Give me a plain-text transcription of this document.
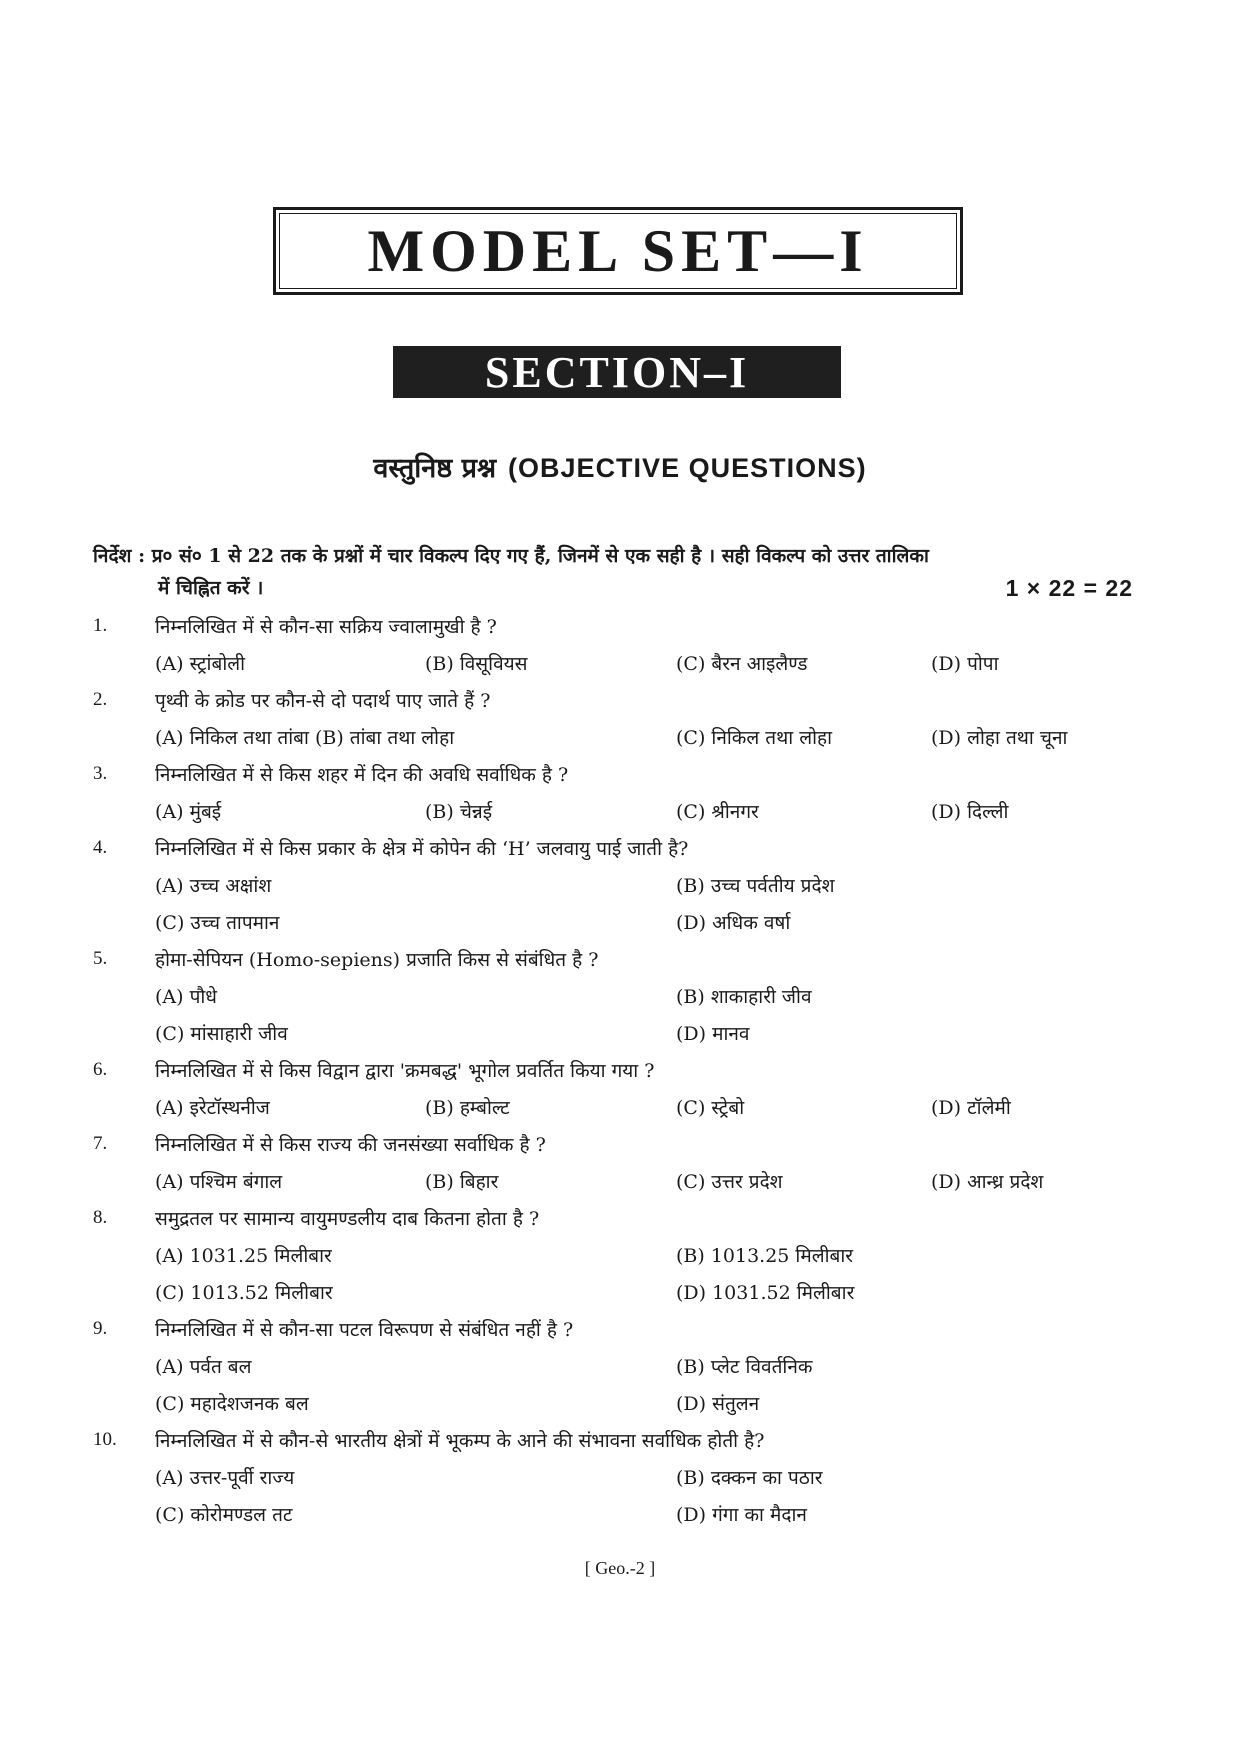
MODEL SET—I
SECTION–I
वस्तुनिष्ठ प्रश्न (OBJECTIVE QUESTIONS)
निर्देश : प्र० सं० 1 से 22 तक के प्रश्नों में चार विकल्प दिए गए हैं, जिनमें से एक सही है । सही विकल्प को उत्तर तालिका
में चिह्नित करें ।	1 × 22 = 22
1.	निम्नलिखित में से कौन-सा सक्रिय ज्वालामुखी है ?
(A) स्ट्रांबोली	(B) विसूवियस	(C) बैरन आइलैण्ड	(D) पोपा
2.	पृथ्वी के क्रोड पर कौन-से दो पदार्थ पाए जाते हैं ?
(A) निकिल तथा तांबा (B) तांबा तथा लोहा	(C) निकिल तथा लोहा	(D) लोहा तथा चूना
3.	निम्नलिखित में से किस शहर में दिन की अवधि सर्वाधिक है ?
(A) मुंबई	(B) चेन्नई	(C) श्रीनगर	(D) दिल्ली
4.	निम्नलिखित में से किस प्रकार के क्षेत्र में कोपेन की ‘H’ जलवायु पाई जाती है?
(A) उच्च अक्षांश	(B) उच्च पर्वतीय प्रदेश
(C) उच्च तापमान	(D) अधिक वर्षा
5.	होमा-सेपियन (Homo-sepiens) प्रजाति किस से संबंधित है ?
(A) पौधे	(B) शाकाहारी जीव
(C) मांसाहारी जीव	(D) मानव
6.	निम्नलिखित में से किस विद्वान द्वारा 'क्रमबद्ध' भूगोल प्रवर्तित किया गया ?
(A) इरेटॉस्थनीज	(B) हम्बोल्ट	(C) स्ट्रेबो	(D) टॉलेमी
7.	निम्नलिखित में से किस राज्य की जनसंख्या सर्वाधिक है ?
(A) पश्चिम बंगाल	(B) बिहार	(C) उत्तर प्रदेश	(D) आन्ध्र प्रदेश
8.	समुद्रतल पर सामान्य वायुमण्डलीय दाब कितना होता है ?
(A) 1031.25 मिलीबार	(B) 1013.25 मिलीबार
(C) 1013.52 मिलीबार	(D) 1031.52 मिलीबार
9.	निम्नलिखित में से कौन-सा पटल विरूपण से संबंधित नहीं है ?
(A) पर्वत बल	(B) प्लेट विवर्तनिक
(C) महादेशजनक बल	(D) संतुलन
10. निम्नलिखित में से कौन-से भारतीय क्षेत्रों में भूकम्प के आने की संभावना सर्वाधिक होती है?
(A) उत्तर-पूर्वी राज्य	(B) दक्कन का पठार
(C) कोरोमण्डल तट	(D) गंगा का मैदान
[ Geo.-2 ]
